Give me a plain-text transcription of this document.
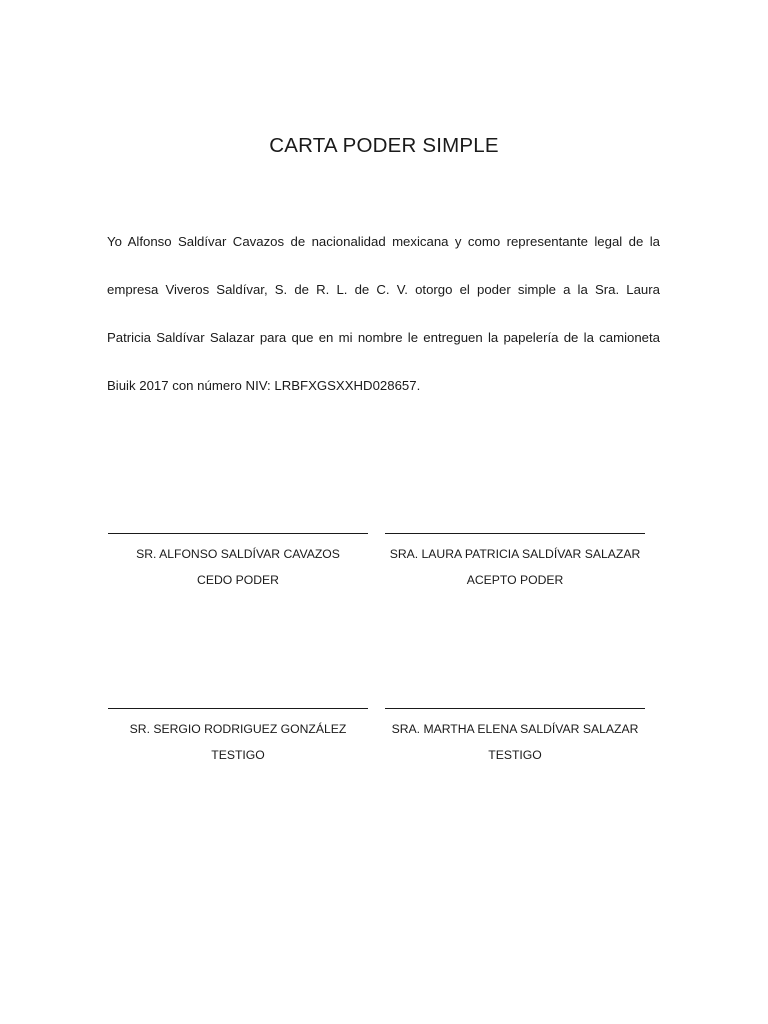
CARTA PODER SIMPLE
Yo Alfonso Saldívar Cavazos de nacionalidad mexicana y como representante legal de la
empresa Viveros Saldívar, S. de R. L. de C. V. otorgo el poder simple a la Sra. Laura
Patricia Saldívar Salazar para que en mi nombre le entreguen la papelería de la camioneta
Biuik 2017 con número NIV: LRBFXGSXXHD028657.
SR. ALFONSO SALDÍVAR CAVAZOS
CEDO PODER
SRA. LAURA PATRICIA SALDÍVAR SALAZAR
ACEPTO PODER
SR. SERGIO RODRIGUEZ GONZÁLEZ
TESTIGO
SRA. MARTHA ELENA SALDÍVAR SALAZAR
TESTIGO
